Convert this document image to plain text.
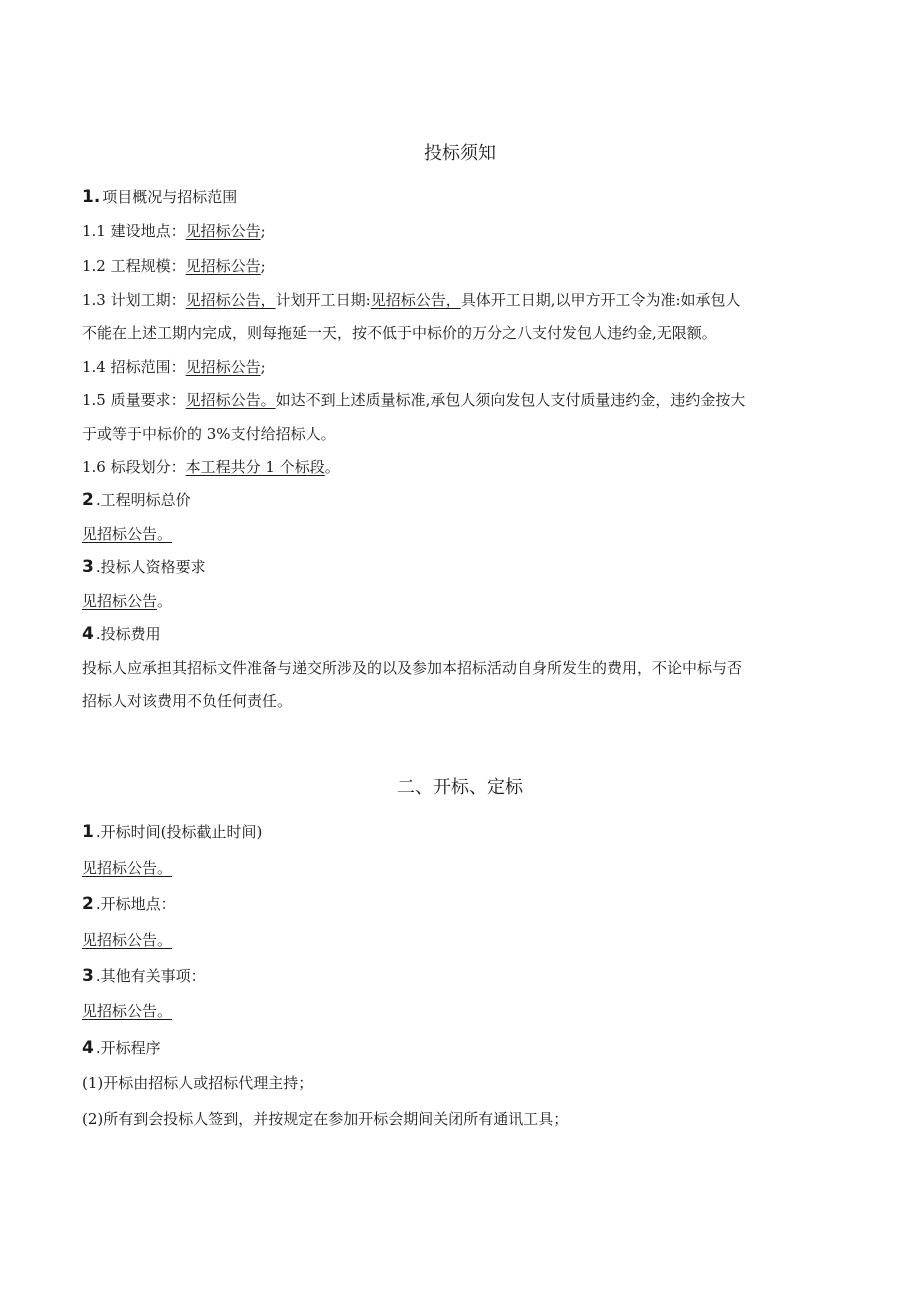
投标须知
1. 项目概况与招标范围
1.1 建设地点：见招标公告;
1.2 工程规模：见招标公告;
1.3 计划工期：见招标公告，计划开工日期:见招标公告，具体开工日期,以甲方开工令为准:如承包人
不能在上述工期内完成，则每拖延一天，按不低于中标价的万分之八支付发包人违约金,无限额。
1.4 招标范围：见招标公告;
1.5 质量要求：见招标公告。如达不到上述质量标准,承包人须向发包人支付质量违约金，违约金按大
于或等于中标价的 3%支付给招标人。
1.6 标段划分：本工程共分 1 个标段。
2 .工程明标总价
见招标公告。
3 .投标人资格要求
见招标公告。
4 .投标费用
投标人应承担其招标文件准备与递交所涉及的以及参加本招标活动自身所发生的费用，不论中标与否
招标人对该费用不负任何责任。
二、开标、定标
1 .开标时间(投标截止时间)
见招标公告。
2 .开标地点：
见招标公告。
3 .其他有关事项：
见招标公告。
4 .开标程序
(1)开标由招标人或招标代理主持；
(2)所有到会投标人签到，并按规定在参加开标会期间关闭所有通讯工具；
